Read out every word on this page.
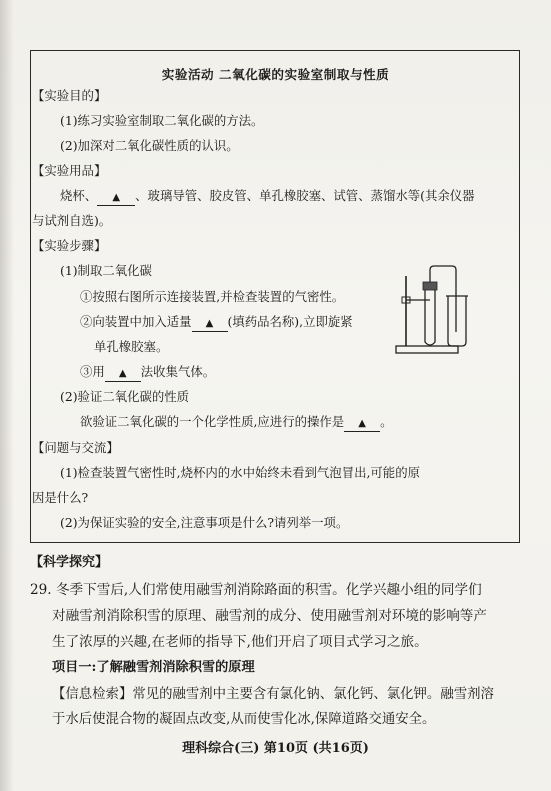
实验活动 二氧化碳的实验室制取与性质
【实验目的】
(1)练习实验室制取二氧化碳的方法。
(2)加深对二氧化碳性质的认识。
【实验用品】
烧杯、 ▲ 、玻璃导管、胶皮管、单孔橡胶塞、试管、蒸馏水等(其余仪器
与试剂自选)。
【实验步骤】
(1)制取二氧化碳
①按照右图所示连接装置,并检查装置的气密性。
②向装置中加入适量 ▲ (填药品名称),立即旋紧
单孔橡胶塞。
③用 ▲ 法收集气体。
(2)验证二氧化碳的性质
欲验证二氧化碳的一个化学性质,应进行的操作是 ▲ 。
【问题与交流】
(1)检查装置气密性时,烧杯内的水中始终未看到气泡冒出,可能的原
因是什么?
(2)为保证实验的安全,注意事项是什么?请列举一项。
【科学探究】
29. 冬季下雪后,人们常使用融雪剂消除路面的积雪。化学兴趣小组的同学们
对融雪剂消除积雪的原理、融雪剂的成分、使用融雪剂对环境的影响等产
生了浓厚的兴趣,在老师的指导下,他们开启了项目式学习之旅。
项目一:了解融雪剂消除积雪的原理
【信息检索】常见的融雪剂中主要含有氯化钠、氯化钙、氯化钾。融雪剂溶
于水后使混合物的凝固点改变,从而使雪化冰,保障道路交通安全。
理科综合(三) 第10页 (共16页)
